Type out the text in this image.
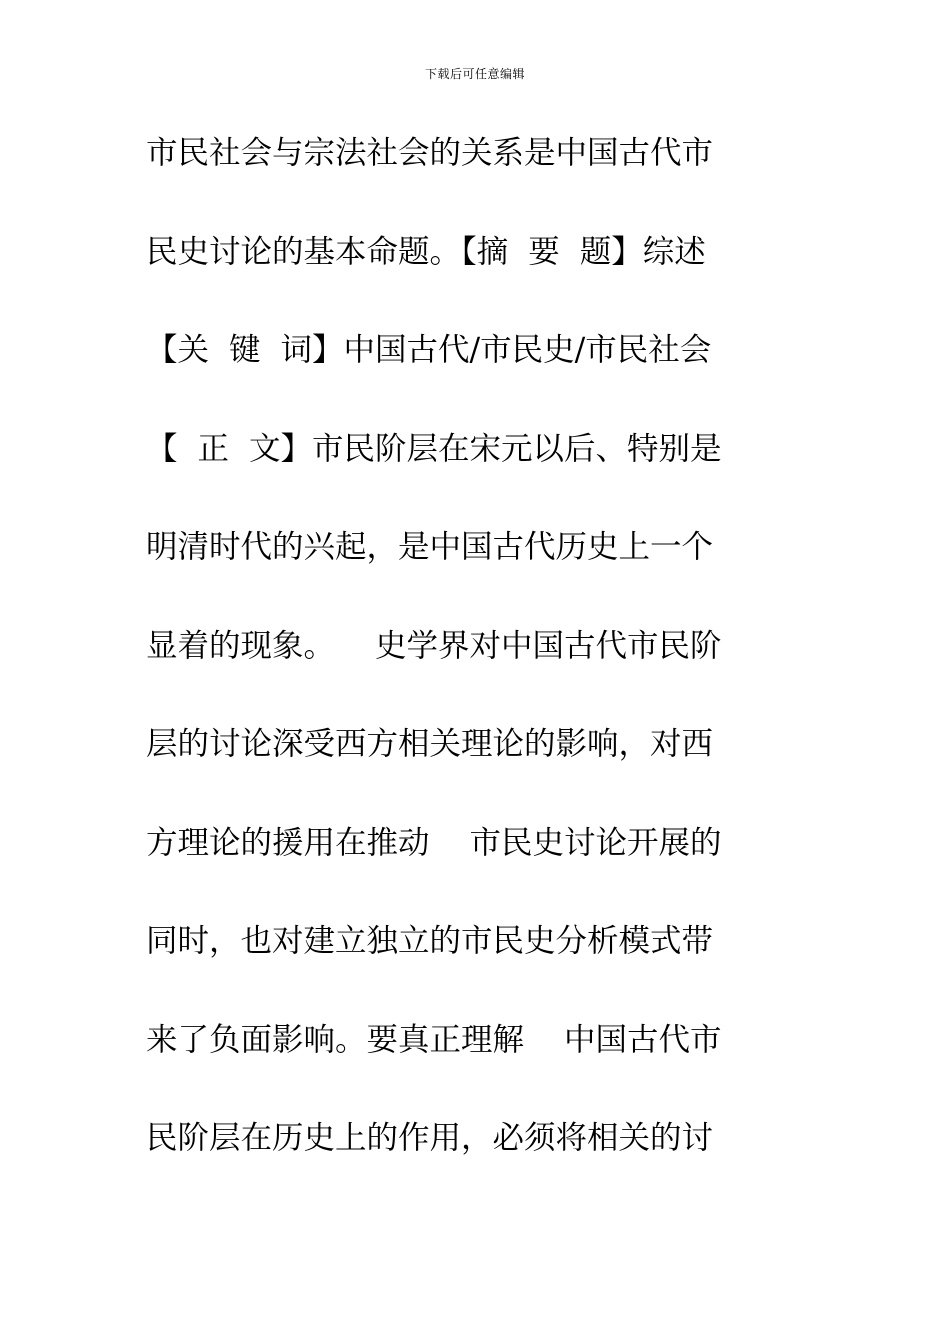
下载后可任意编辑
市民社会与宗法社会的关系是中国古代市
民史讨论的基本命题。【摘  要  题】综述
【关  键  词】中国古代/市民史/市民社会
【  正  文】市民阶层在宋元以后、特别是
明清时代的兴起，是中国古代历史上一个
显着的现象。    史学界对中国古代市民阶
层的讨论深受西方相关理论的影响，对西
方理论的援用在推动    市民史讨论开展的
同时，也对建立独立的市民史分析模式带
来了负面影响。要真正理解    中国古代市
民阶层在历史上的作用，必须将相关的讨
